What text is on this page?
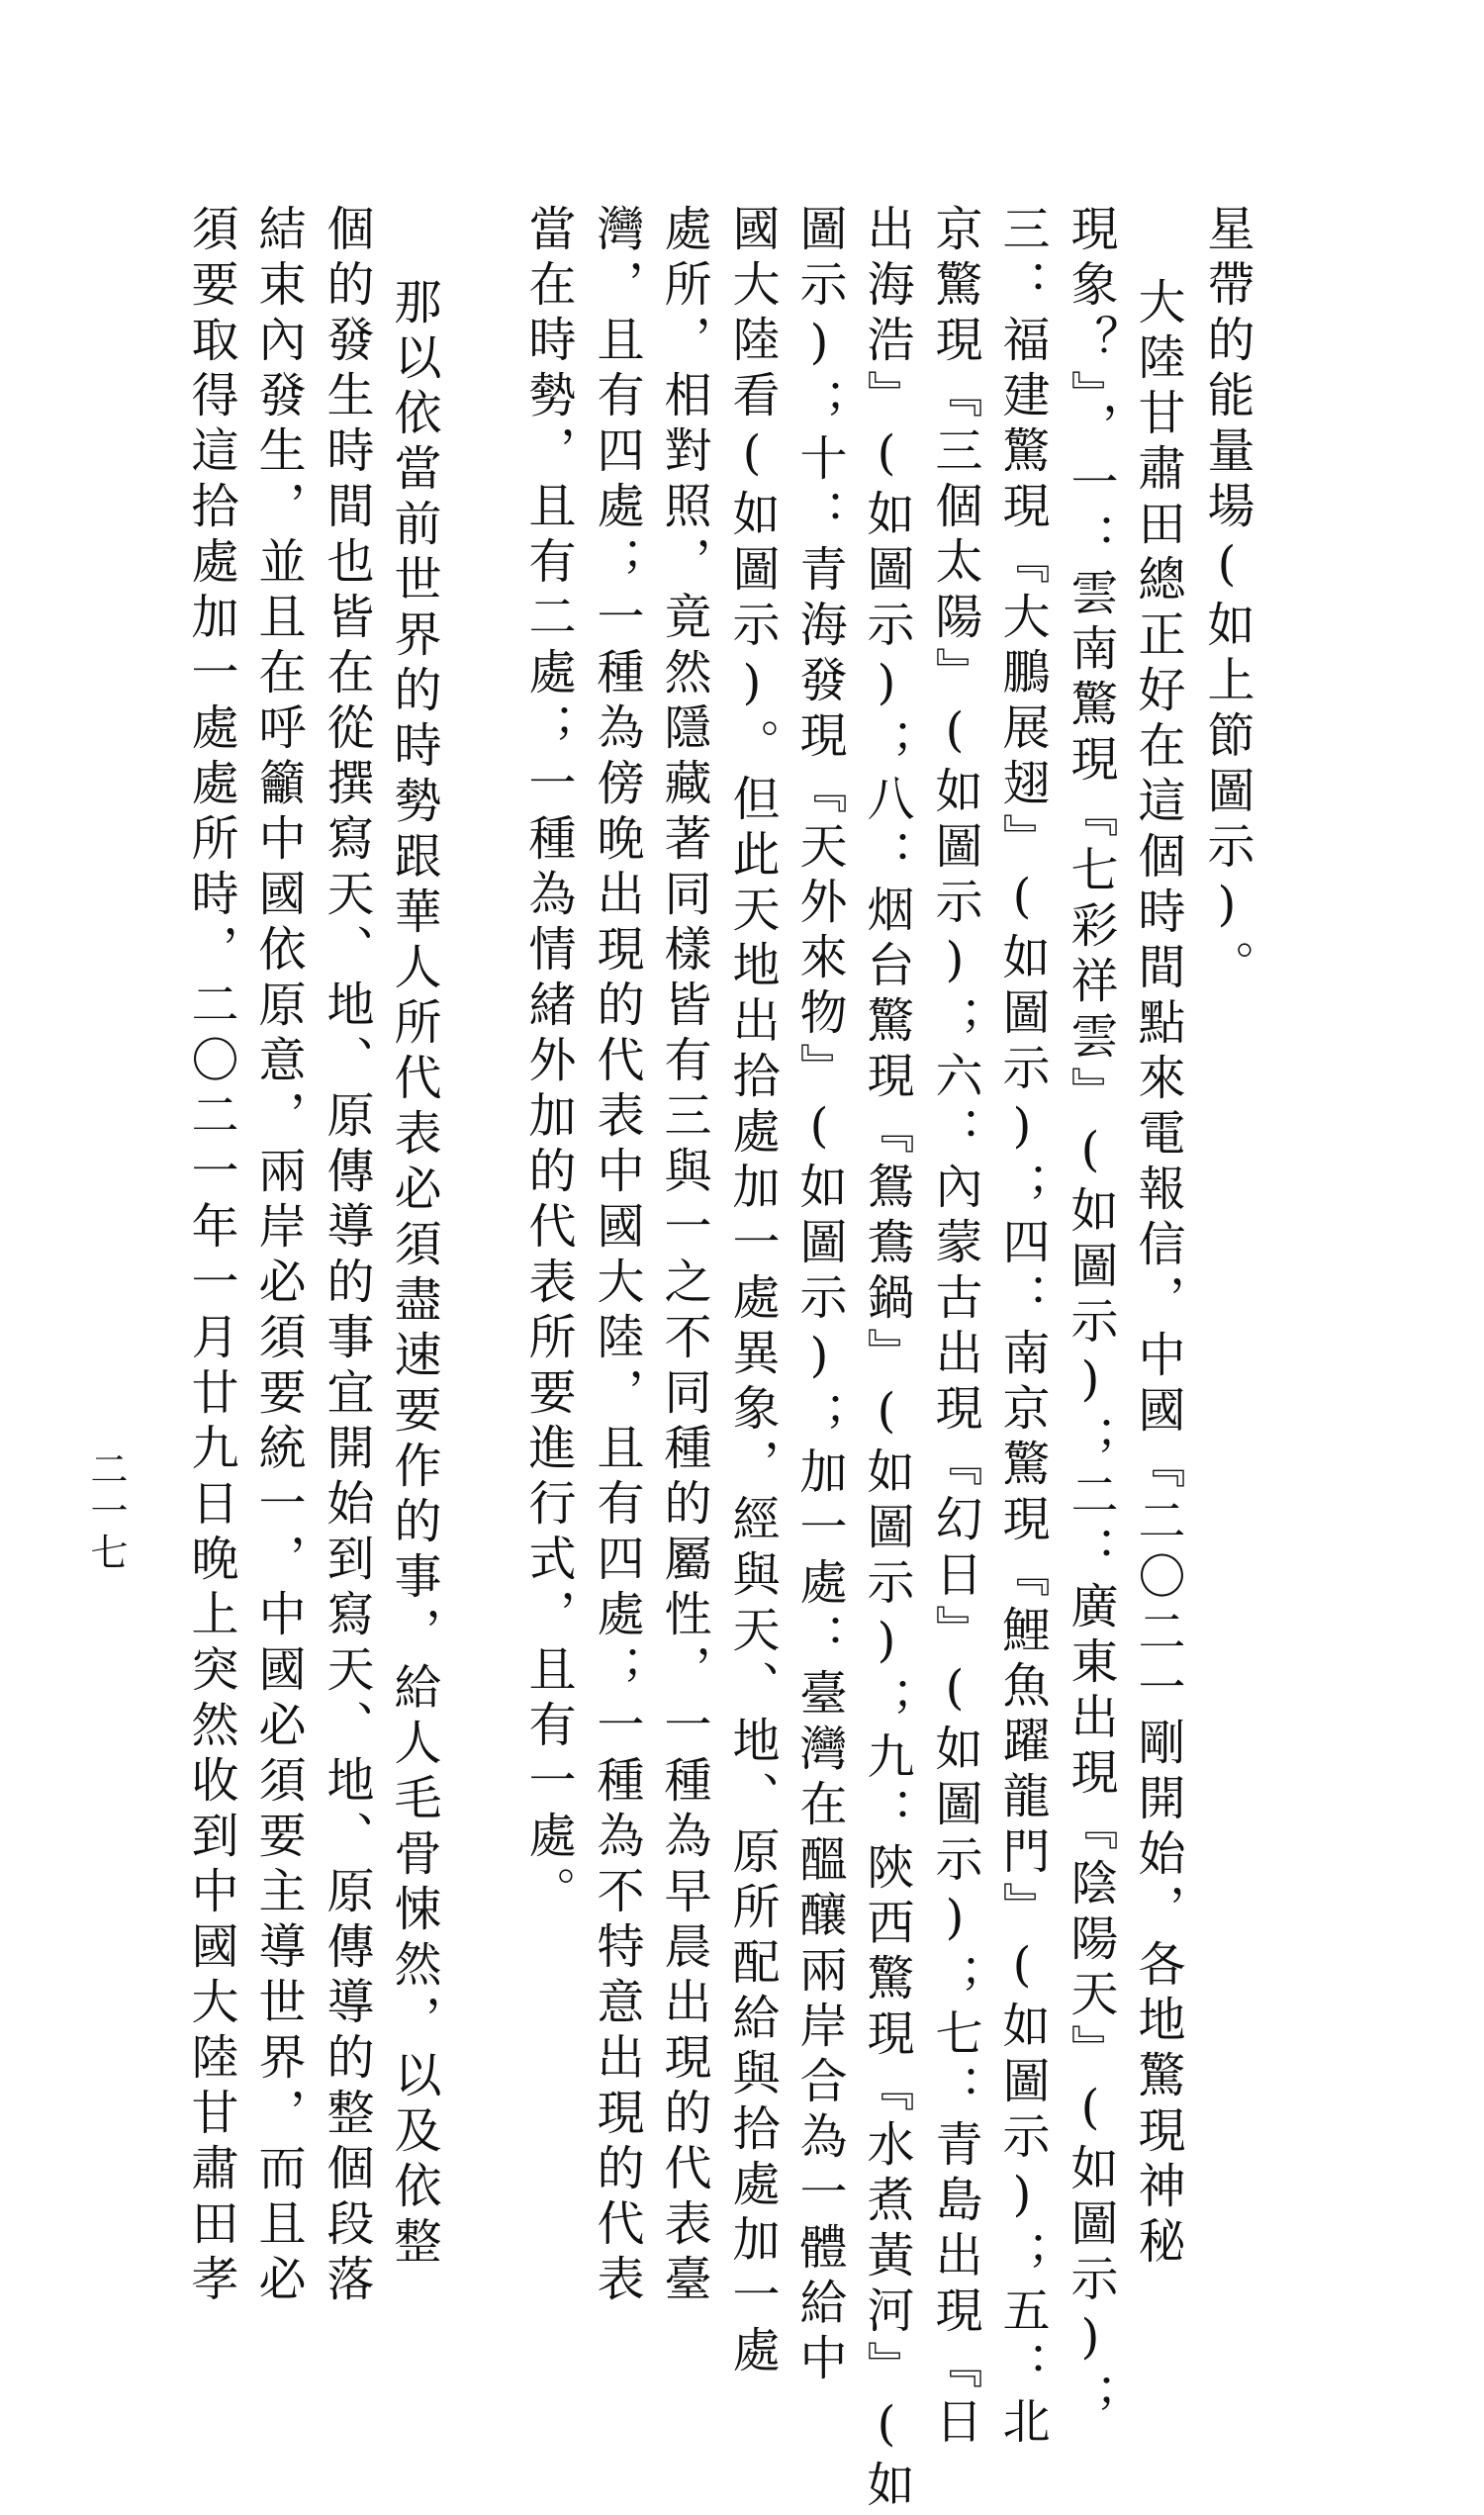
星帶的能量場(如上節圖示)。
大陸甘肅田總正好在這個時間點來電報信，中國『二〇二一剛開始，各地驚現神秘
現象？』，一：雲南驚現『七彩祥雲』(如圖示)；二：廣東出現『陰陽天』(如圖示)；
三：福建驚現『大鵬展翅』(如圖示)；四：南京驚現『鯉魚躍龍門』(如圖示)；五：北
京驚現『三個太陽』(如圖示)；六：內蒙古出現『幻日』(如圖示)；七：青島出現『日
出海浩』(如圖示)；八：烟台驚現『鴛鴦鍋』(如圖示)；九：陝西驚現『水煮黃河』(如
圖示)；十：青海發現『天外來物』(如圖示)；加一處：臺灣在醞釀兩岸合為一體給中
國大陸看(如圖示)。但此天地出拾處加一處異象，經與天、地、原所配給與拾處加一處
處所，相對照，竟然隱藏著同樣皆有三與一之不同種的屬性，一種為早晨出現的代表臺
灣，且有四處；一種為傍晚出現的代表中國大陸，且有四處；一種為不特意出現的代表
當在時勢，且有二處；一種為情緒外加的代表所要進行式，且有一處。
那以依當前世界的時勢跟華人所代表必須盡速要作的事，給人毛骨悚然，以及依整
個的發生時間也皆在從撰寫天、地、原傳導的事宜開始到寫天、地、原傳導的整個段落
結束內發生，並且在呼籲中國依原意，兩岸必須要統一，中國必須要主導世界，而且必
須要取得這拾處加一處處所時，二〇二一年一月廿九日晚上突然收到中國大陸甘肅田孝
二一七
